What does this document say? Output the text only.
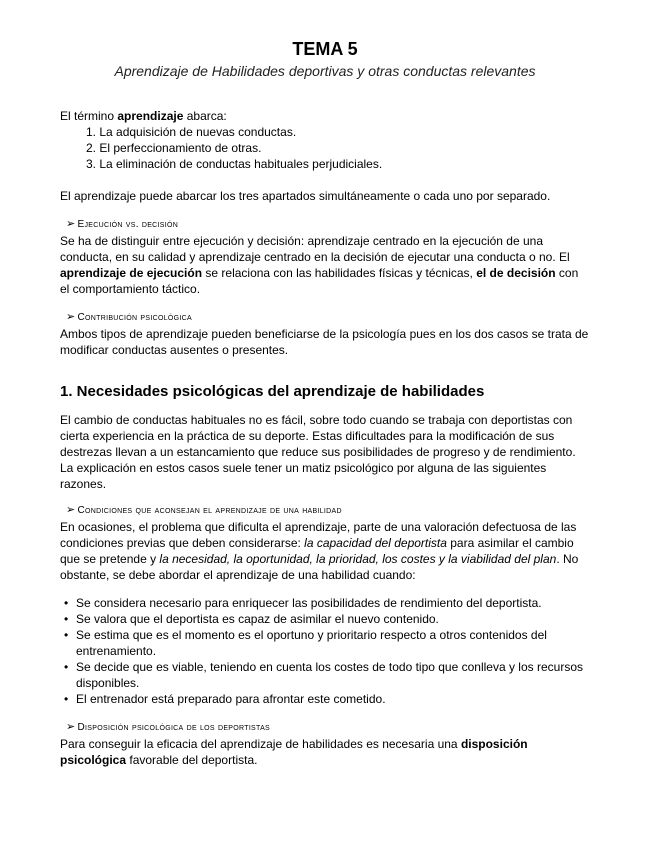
TEMA 5

Aprendizaje de Habilidades deportivas y otras conductas relevantes

El término aprendizaje abarca:

1. La adquisición de nuevas conductas.
2. El perfeccionamiento de otras.
3. La eliminación de conductas habituales perjudiciales.

El aprendizaje puede abarcar los tres apartados simultáneamente o cada uno por separado.

➢ Ejecución vs. decisión

Se ha de distinguir entre ejecución y decisión: aprendizaje centrado en la ejecución de una conducta, en su calidad y aprendizaje centrado en la decisión de ejecutar una conducta o no. El aprendizaje de ejecución se relaciona con las habilidades físicas y técnicas, el de decisión con el comportamiento táctico.

➢ Contribución psicológica

Ambos tipos de aprendizaje pueden beneficiarse de la psicología pues en los dos casos se trata de modificar conductas ausentes o presentes.

1. Necesidades psicológicas del aprendizaje de habilidades

El cambio de conductas habituales no es fácil, sobre todo cuando se trabaja con deportistas con cierta experiencia en la práctica de su deporte. Estas dificultades para la modificación de sus destrezas llevan a un estancamiento que reduce sus posibilidades de progreso y de rendimiento. La explicación en estos casos suele tener un matiz psicológico por alguna de las siguientes razones.

➢ Condiciones que aconsejan el aprendizaje de una habilidad

En ocasiones, el problema que dificulta el aprendizaje, parte de una valoración defectuosa de las condiciones previas que deben considerarse: la capacidad del deportista para asimilar el cambio que se pretende y la necesidad, la oportunidad, la prioridad, los costes y la viabilidad del plan. No obstante, se debe abordar el aprendizaje de una habilidad cuando:

• Se considera necesario para enriquecer las posibilidades de rendimiento del deportista.
• Se valora que el deportista es capaz de asimilar el nuevo contenido.
• Se estima que es el momento es el oportuno y prioritario respecto a otros contenidos del entrenamiento.
• Se decide que es viable, teniendo en cuenta los costes de todo tipo que conlleva y los recursos disponibles.
• El entrenador está preparado para afrontar este cometido.

➢ Disposición psicológica de los deportistas

Para conseguir la eficacia del aprendizaje de habilidades es necesaria una disposición psicológica favorable del deportista.
